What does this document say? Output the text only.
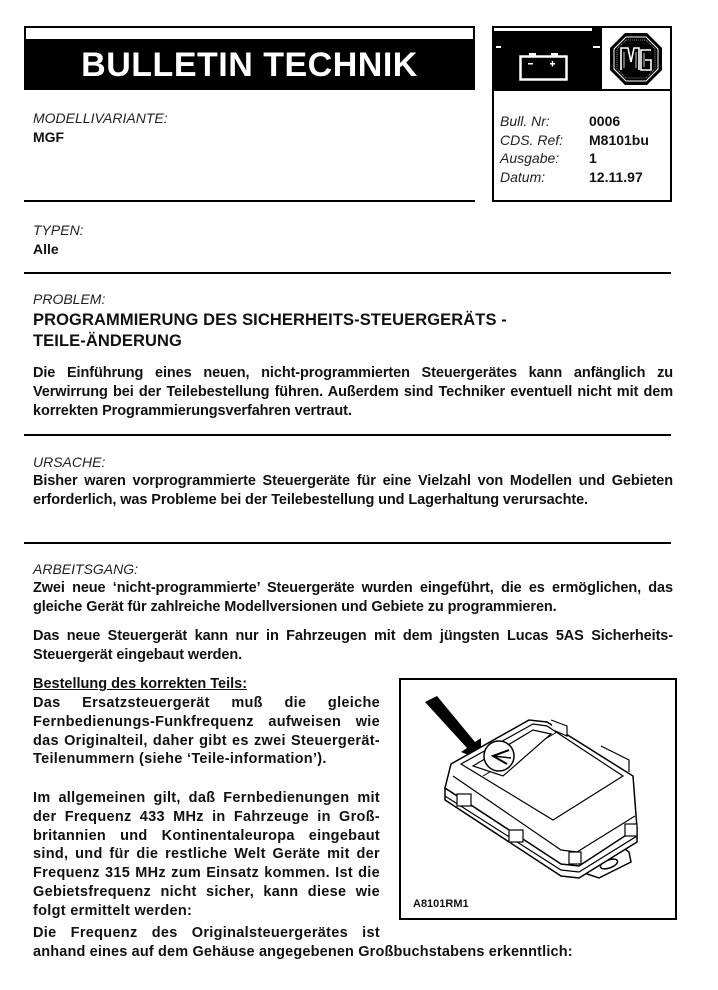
BULLETIN TECHNIK
Bull. Nr:	0006
CDS. Ref:	M8101bu
Ausgabe:	1
Datum:	12.11.97
MODELLIVARIANTE:
MGF
TYPEN:
Alle
PROBLEM:
PROGRAMMIERUNG DES SICHERHEITS-STEUERGERÄTS -
TEILE-ÄNDERUNG
Die Einführung eines neuen, nicht-programmierten Steuergerätes kann anfänglich zu Verwirrung bei der Teilebestellung führen. Außerdem sind Techniker eventuell nicht mit dem korrekten Programmierungsverfahren vertraut.
URSACHE:
Bisher waren vorprogrammierte Steuergeräte für eine Vielzahl von Modellen und Gebieten erforderlich, was Probleme bei der Teilebestellung und Lagerhaltung verursachte.
ARBEITSGANG:
Zwei neue ‘nicht-programmierte’ Steuergeräte wurden eingeführt, die es ermöglichen, das gleiche Gerät für zahlreiche Modellversionen und Gebiete zu programmieren.
Das neue Steuergerät kann nur in Fahrzeugen mit dem jüngsten Lucas 5AS Sicherheits-Steuergerät eingebaut werden.
Bestellung des korrekten Teils:
Das Ersatzsteuergerät muß die gleiche Fernbedienungs-Funkfrequenz aufweisen wie das Originalteil, daher gibt es zwei Steuergerät-Teilenummern (siehe ‘Teile-information’).
Im allgemeinen gilt, daß Fernbedienungen mit der Frequenz 433 MHz in Fahrzeuge in Groß-britannien und Kontinentaleuropa eingebaut sind, und für die restliche Welt Geräte mit der Frequenz 315 MHz zum Einsatz kommen. Ist die Gebietsfrequenz nicht sicher, kann diese wie folgt ermittelt werden:
Die Frequenz des Originalsteuergerätes ist
anhand eines auf dem Gehäuse angegebenen Großbuchstabens erkenntlich:
A8101RM1
